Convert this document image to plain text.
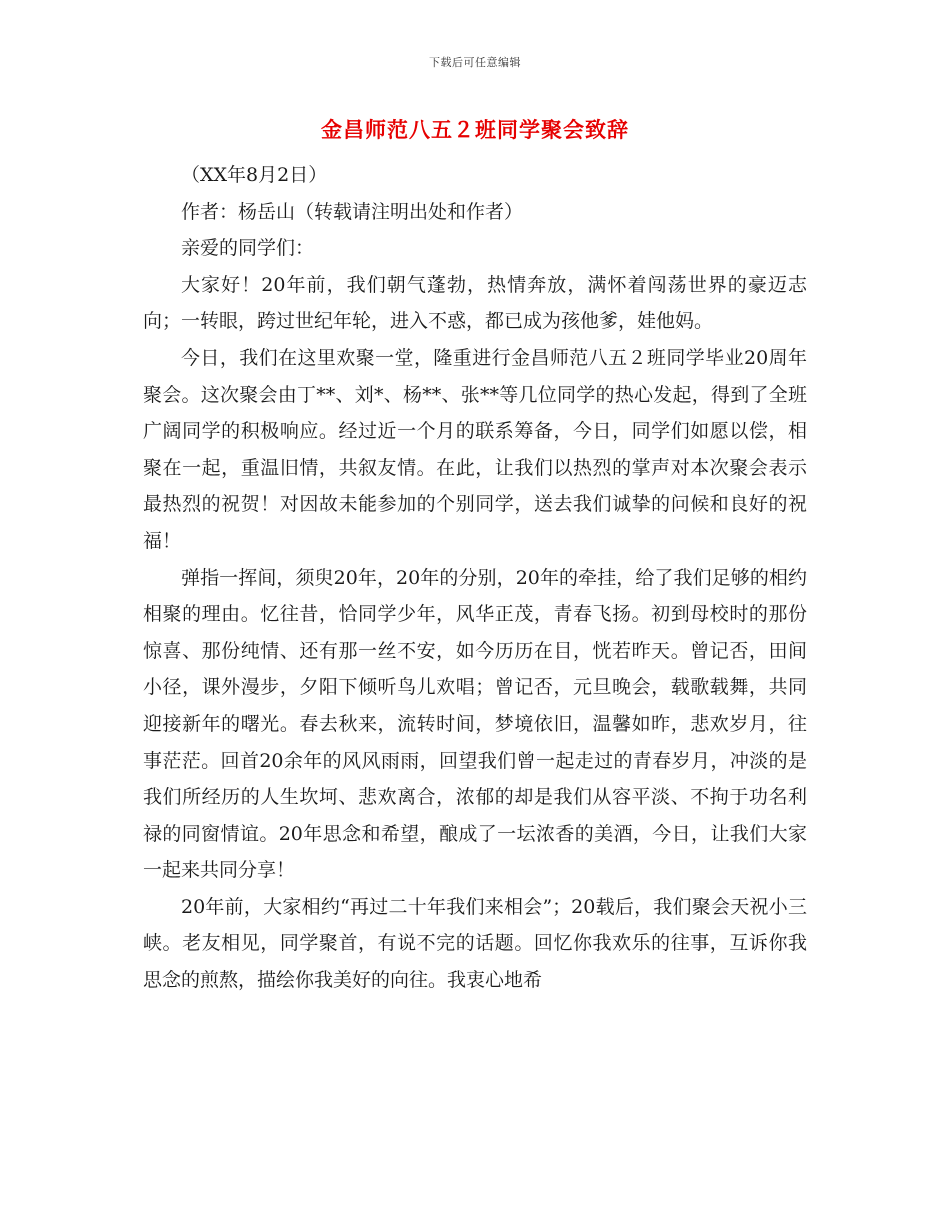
下载后可任意编辑
金昌师范八五２班同学聚会致辞

（XX年8月2日）

作者：杨岳山（转载请注明出处和作者）

亲爱的同学们：

大家好！20年前，我们朝气蓬勃，热情奔放，满怀着闯荡世界的豪迈志向；一转眼，跨过世纪年轮，进入不惑，都已成为孩他爹，娃他妈。

今日，我们在这里欢聚一堂，隆重进行金昌师范八五２班同学毕业20周年聚会。这次聚会由丁**、刘*、杨**、张**等几位同学的热心发起，得到了全班广阔同学的积极响应。经过近一个月的联系筹备，今日，同学们如愿以偿，相聚在一起，重温旧情，共叙友情。在此，让我们以热烈的掌声对本次聚会表示最热烈的祝贺！对因故未能参加的个别同学，送去我们诚挚的问候和良好的祝福！

弹指一挥间，须臾20年，20年的分别，20年的牵挂，给了我们足够的相约相聚的理由。忆往昔，恰同学少年，风华正茂，青春飞扬。初到母校时的那份惊喜、那份纯情、还有那一丝不安，如今历历在目，恍若昨天。曾记否，田间小径，课外漫步，夕阳下倾听鸟儿欢唱；曾记否，元旦晚会，载歌载舞，共同迎接新年的曙光。春去秋来，流转时间，梦境依旧，温馨如昨，悲欢岁月，往事茫茫。回首20余年的风风雨雨，回望我们曾一起走过的青春岁月，冲淡的是我们所经历的人生坎坷、悲欢离合，浓郁的却是我们从容平淡、不拘于功名利禄的同窗情谊。20年思念和希望，酿成了一坛浓香的美酒，今日，让我们大家一起来共同分享！

20年前，大家相约“再过二十年我们来相会”；20载后，我们聚会天祝小三峡。老友相见，同学聚首，有说不完的话题。回忆你我欢乐的往事，互诉你我思念的煎熬，描绘你我美好的向往。我衷心地希
